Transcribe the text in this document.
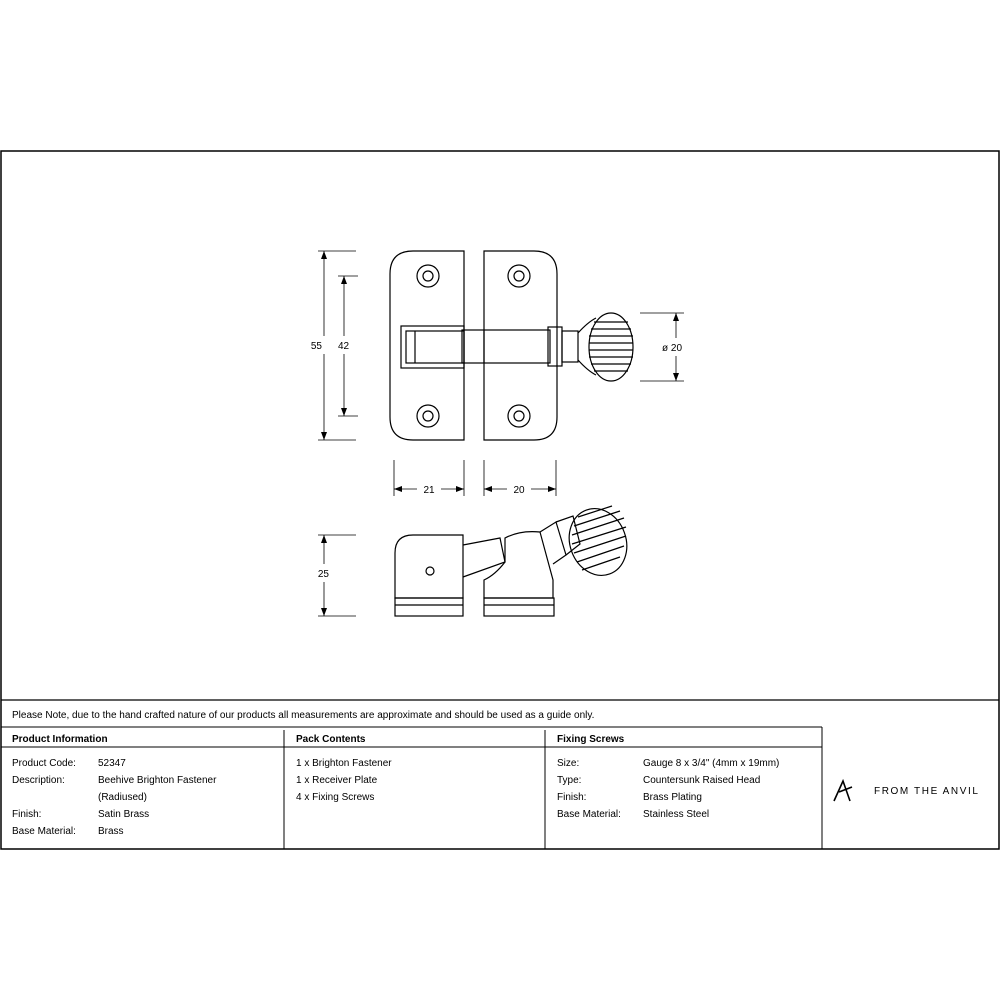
55 42	ø 20
21	20
25
Please Note, due to the hand crafted nature of our products all measurements are approximate and should be used as a guide only.
Product Information	Pack Contents	Fixing Screws
Product Code: 52347
Description:	Beehive Brighton Fastener
(Radiused)
Finish:	Satin Brass
Base Material: Brass
1 x Brighton Fastener
1 x Receiver Plate
4 x Fixing Screws
Size:	Gauge 8 x 3/4" (4mm x 19mm)
Type:	Countersunk Raised Head
Finish:	Brass Plating
Base Material: Stainless Steel
FROM THE ANVIL
